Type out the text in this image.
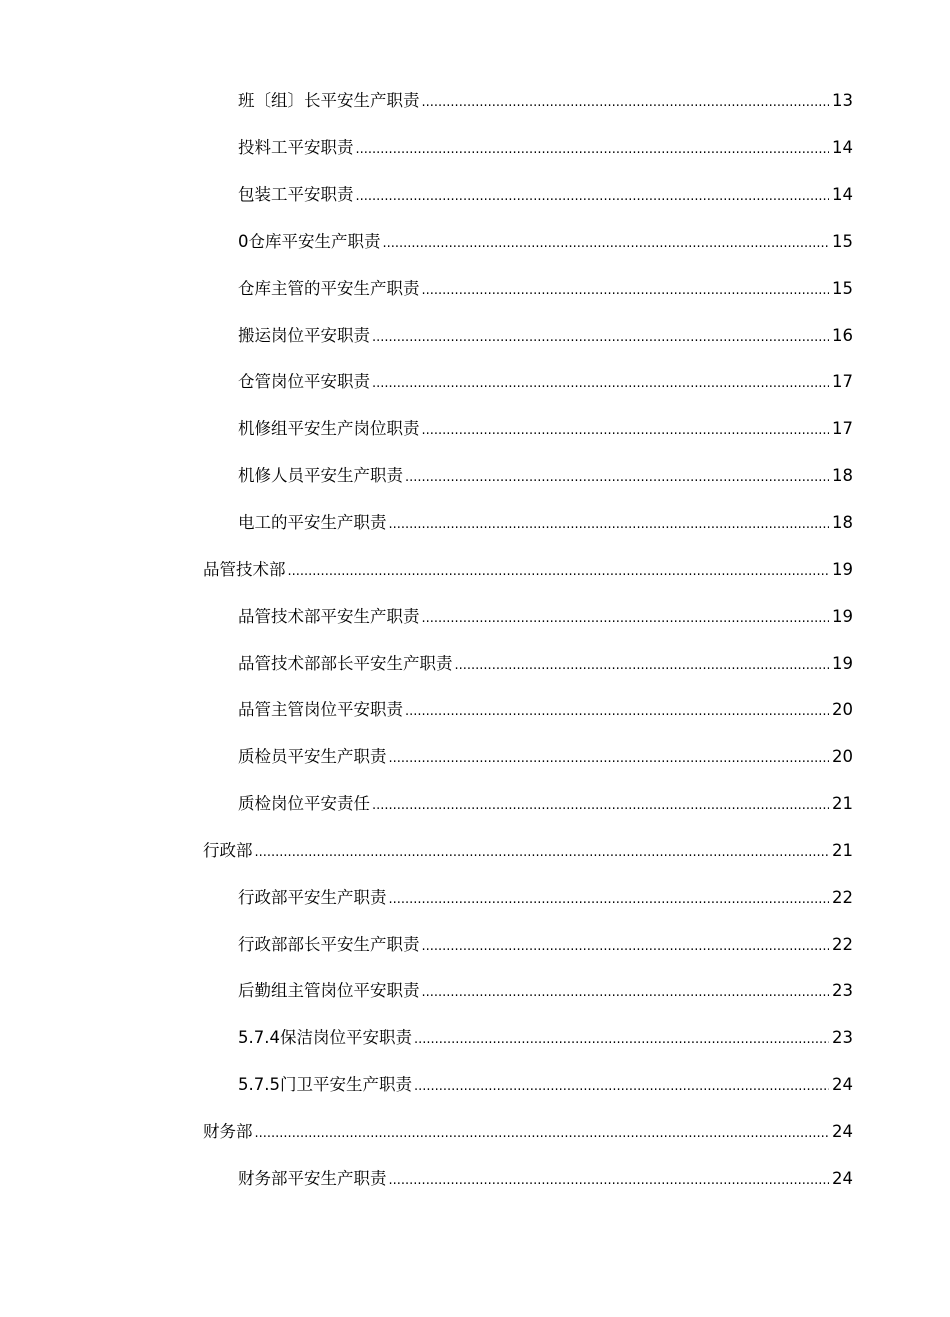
班〔组〕长平安生产职责 .....	13
投料工平安职责 .....	14
包装工平安职责 .....	14
0仓库平安生产职责 .....	15
仓库主管的平安生产职责 .....	15
搬运岗位平安职责 .....	16
仓管岗位平安职责 .....	17
机修组平安生产岗位职责 .....	17
机修人员平安生产职责 .....	18
电工的平安生产职责 .....	18
品管技术部 .....	19
品管技术部平安生产职责 .....	19
品管技术部部长平安生产职责 .....	19
品管主管岗位平安职责 .....	20
质检员平安生产职责 .....	20
质检岗位平安责任 .....	21
行政部 .....	21
行政部平安生产职责 .....	22
行政部部长平安生产职责 .....	22
后勤组主管岗位平安职责 .....	23
5.7.4保洁岗位平安职责 .....	23
5.7.5门卫平安生产职责 .....	24
财务部 .....	24
财务部平安生产职责 .....	24
